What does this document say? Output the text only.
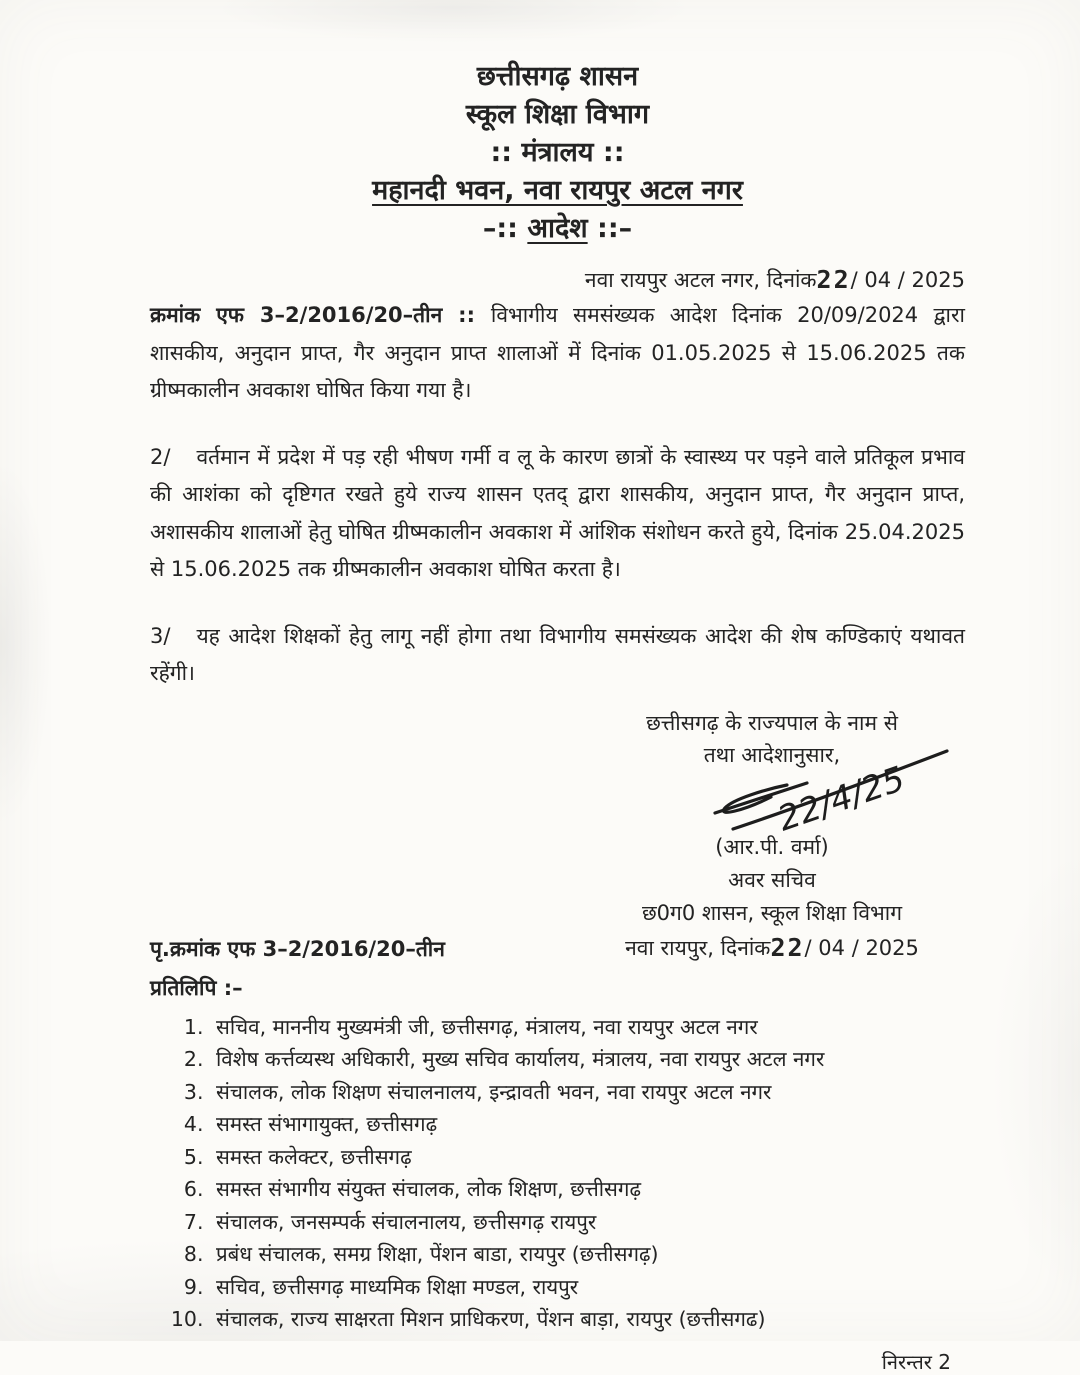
छत्तीसगढ़ शासन
स्कूल शिक्षा विभाग
:: मंत्रालय ::
महानदी भवन, नवा रायपुर अटल नगर
–:: आदेश ::–
नवा रायपुर अटल नगर, दिनांक22/ 04 / 2025

क्रमांक एफ 3–2/2016/20–तीन :: विभागीय समसंख्यक आदेश दिनांक 20/09/2024 द्वारा शासकीय, अनुदान प्राप्त, गैर अनुदान प्राप्त शालाओं में दिनांक 01.05.2025 से 15.06.2025 तक ग्रीष्मकालीन अवकाश घोषित किया गया है।

2/ वर्तमान में प्रदेश में पड़ रही भीषण गर्मी व लू के कारण छात्रों के स्वास्थ्य पर पड़ने वाले प्रतिकूल प्रभाव की आशंका को दृष्टिगत रखते हुये राज्य शासन एतद् द्वारा शासकीय, अनुदान प्राप्त, गैर अनुदान प्राप्त, अशासकीय शालाओं हेतु घोषित ग्रीष्मकालीन अवकाश में आंशिक संशोधन करते हुये, दिनांक 25.04.2025 से 15.06.2025 तक ग्रीष्मकालीन अवकाश घोषित करता है।

3/ यह आदेश शिक्षकों हेतु लागू नहीं होगा तथा विभागीय समसंख्यक आदेश की शेष कण्डिकाएं यथावत रहेंगी।

छत्तीसगढ़ के राज्यपाल के नाम से
तथा आदेशानुसार,
22/4/25
(आर.पी. वर्मा)
अवर सचिव
छ0ग0 शासन, स्कूल शिक्षा विभाग
नवा रायपुर, दिनांक22/ 04 / 2025
पृ.क्रमांक एफ 3–2/2016/20–तीन
प्रतिलिपि :–
1. सचिव, माननीय मुख्यमंत्री जी, छत्तीसगढ़, मंत्रालय, नवा रायपुर अटल नगर
2. विशेष कर्त्तव्यस्थ अधिकारी, मुख्य सचिव कार्यालय, मंत्रालय, नवा रायपुर अटल नगर
3. संचालक, लोक शिक्षण संचालनालय, इन्द्रावती भवन, नवा रायपुर अटल नगर
4. समस्त संभागायुक्त, छत्तीसगढ़
5. समस्त कलेक्टर, छत्तीसगढ़
6. समस्त संभागीय संयुक्त संचालक, लोक शिक्षण, छत्तीसगढ़
7. संचालक, जनसम्पर्क संचालनालय, छत्तीसगढ़ रायपुर
8. प्रबंध संचालक, समग्र शिक्षा, पेंशन बाडा, रायपुर (छत्तीसगढ़)
9. सचिव, छत्तीसगढ़ माध्यमिक शिक्षा मण्डल, रायपुर
10. संचालक, राज्य साक्षरता मिशन प्राधिकरण, पेंशन बाड़ा, रायपुर (छत्तीसगढ)
निरन्तर 2
